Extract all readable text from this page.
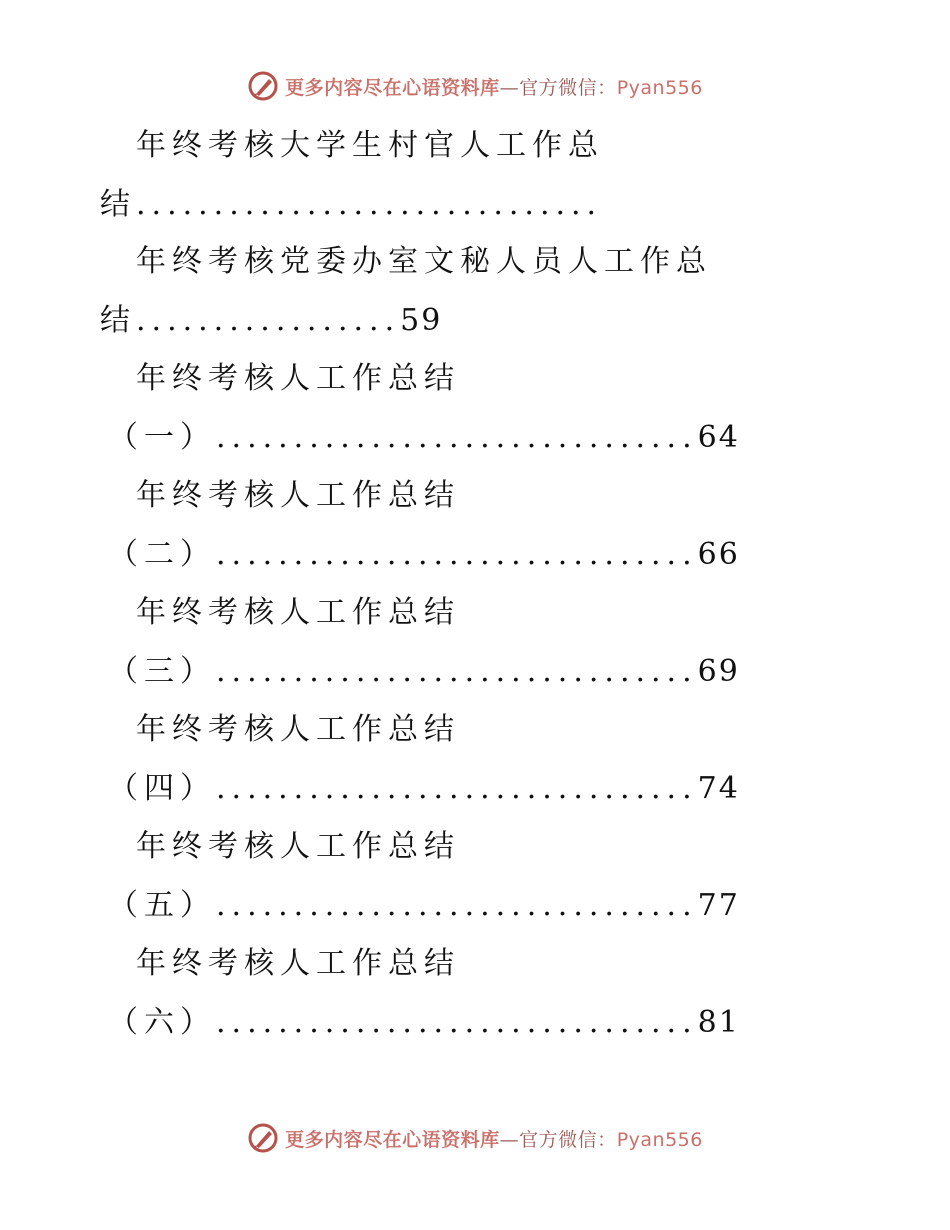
更多内容尽在心语资料库—官方微信：Pyan556
年终考核大学生村官人工作总
结..............................
年终考核党委办室文秘人员人工作总
结.................59
年终考核人工作总结
（一）...............................64
年终考核人工作总结
（二）...............................66
年终考核人工作总结
（三）...............................69
年终考核人工作总结
（四）...............................74
年终考核人工作总结
（五）...............................77
年终考核人工作总结
（六）...............................81
更多内容尽在心语资料库—官方微信：Pyan556
